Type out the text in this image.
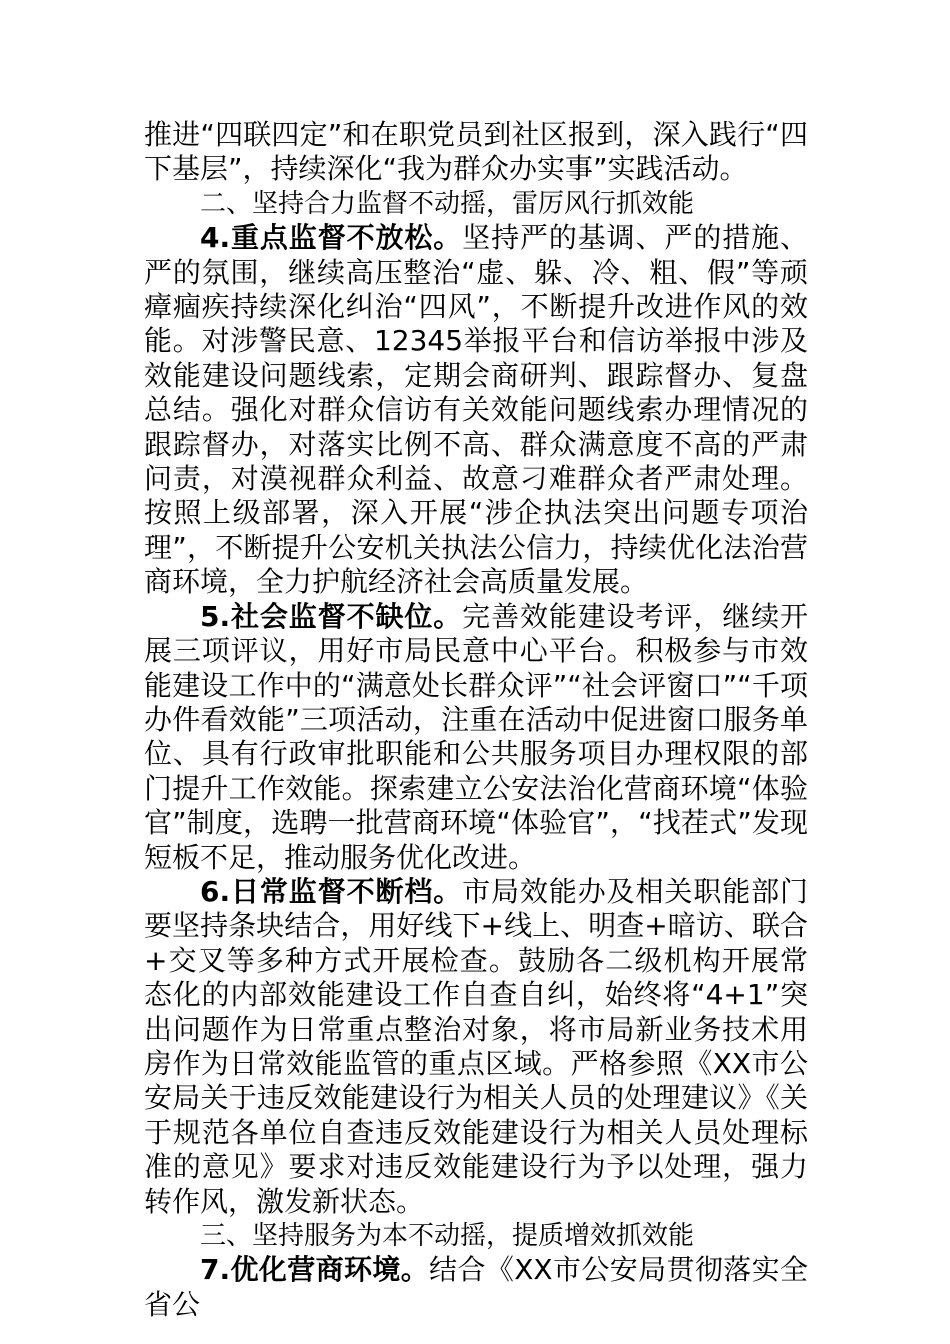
推进“四联四定”和在职党员到社区报到，深入践行“四下基层”，持续深化“我为群众办实事”实践活动。

二、坚持合力监督不动摇，雷厉风行抓效能

4.重点监督不放松。坚持严的基调、严的措施、严的氛围，继续高压整治“虚、躲、冷、粗、假”等顽瘴痼疾持续深化纠治“四风”，不断提升改进作风的效能。对涉警民意、12345举报平台和信访举报中涉及效能建设问题线索，定期会商研判、跟踪督办、复盘总结。强化对群众信访有关效能问题线索办理情况的跟踪督办，对落实比例不高、群众满意度不高的严肃问责，对漠视群众利益、故意刁难群众者严肃处理。按照上级部署，深入开展“涉企执法突出问题专项治理”，不断提升公安机关执法公信力，持续优化法治营商环境，全力护航经济社会高质量发展。

5.社会监督不缺位。完善效能建设考评，继续开展三项评议，用好市局民意中心平台。积极参与市效能建设工作中的“满意处长群众评”“社会评窗口”“千项办件看效能”三项活动，注重在活动中促进窗口服务单位、具有行政审批职能和公共服务项目办理权限的部门提升工作效能。探索建立公安法治化营商环境“体验官”制度，选聘一批营商环境“体验官”，“找茬式”发现短板不足，推动服务优化改进。

6.日常监督不断档。市局效能办及相关职能部门要坚持条块结合，用好线下+线上、明查+暗访、联合+交叉等多种方式开展检查。鼓励各二级机构开展常态化的内部效能建设工作自查自纠，始终将“4+1”突出问题作为日常重点整治对象，将市局新业务技术用房作为日常效能监管的重点区域。严格参照《XX市公安局关于违反效能建设行为相关人员的处理建议》《关于规范各单位自查违反效能建设行为相关人员处理标准的意见》要求对违反效能建设行为予以处理，强力转作风，激发新状态。

三、坚持服务为本不动摇，提质增效抓效能

7.优化营商环境。结合《XX市公安局贯彻落实全省公
